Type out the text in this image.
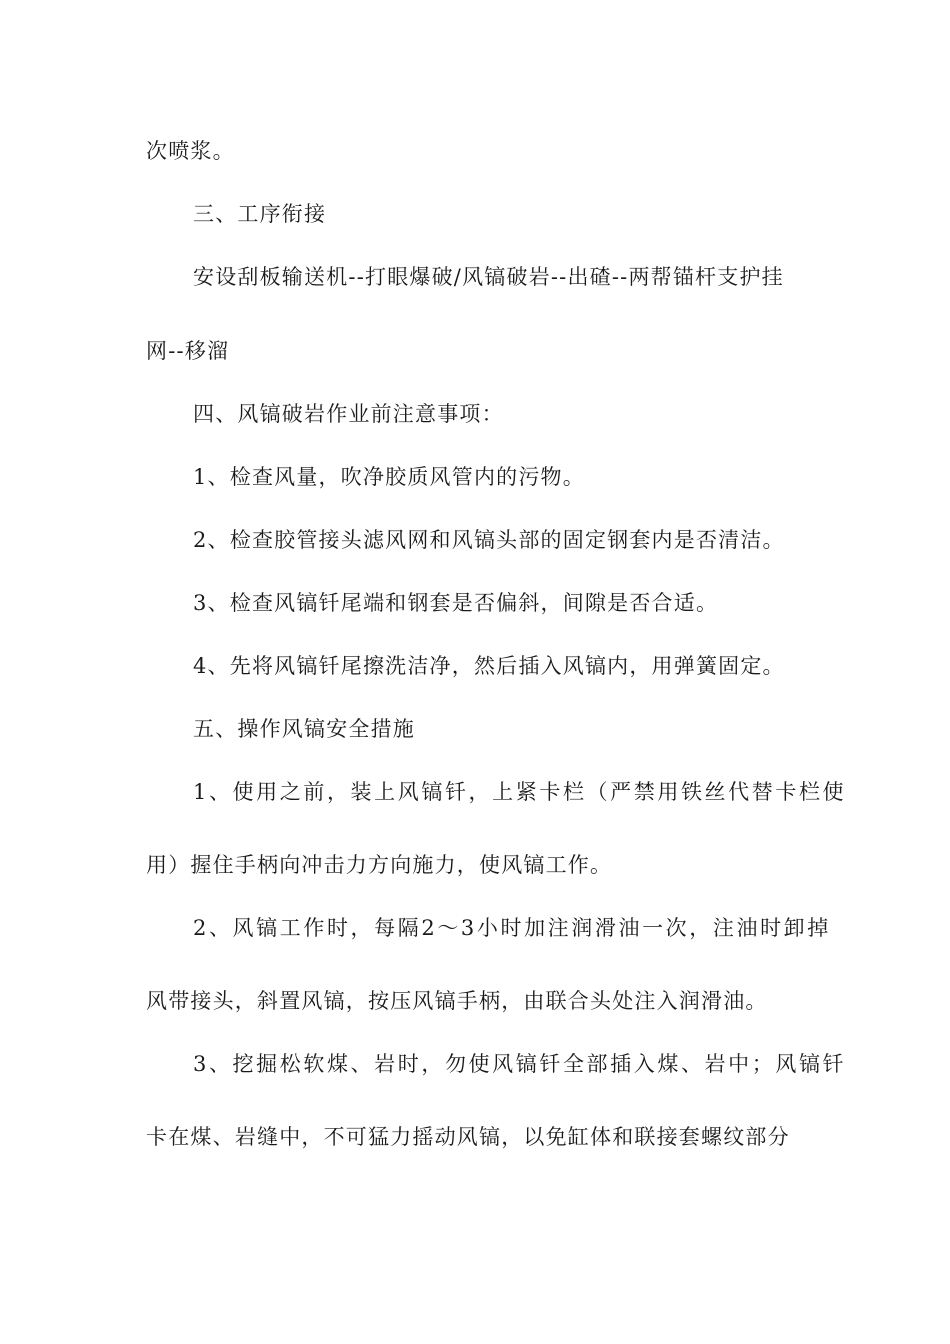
次喷浆。
三、工序衔接
安设刮板输送机--打眼爆破/风镐破岩--出碴--两帮锚杆支护挂
网--移溜
四、风镐破岩作业前注意事项：
1、检查风量，吹净胶质风管内的污物。
2、检查胶管接头滤风网和风镐头部的固定钢套内是否清洁。
3、检查风镐钎尾端和钢套是否偏斜，间隙是否合适。
4、先将风镐钎尾擦洗洁净，然后插入风镐内，用弹簧固定。
五、操作风镐安全措施
1、使用之前，装上风镐钎，上紧卡栏（严禁用铁丝代替卡栏使
用）握住手柄向冲击力方向施力，使风镐工作。
2、风镐工作时，每隔2～3小时加注润滑油一次，注油时卸掉
风带接头，斜置风镐，按压风镐手柄，由联合头处注入润滑油。
3、挖掘松软煤、岩时，勿使风镐钎全部插入煤、岩中；风镐钎
卡在煤、岩缝中，不可猛力摇动风镐，以免缸体和联接套螺纹部分
